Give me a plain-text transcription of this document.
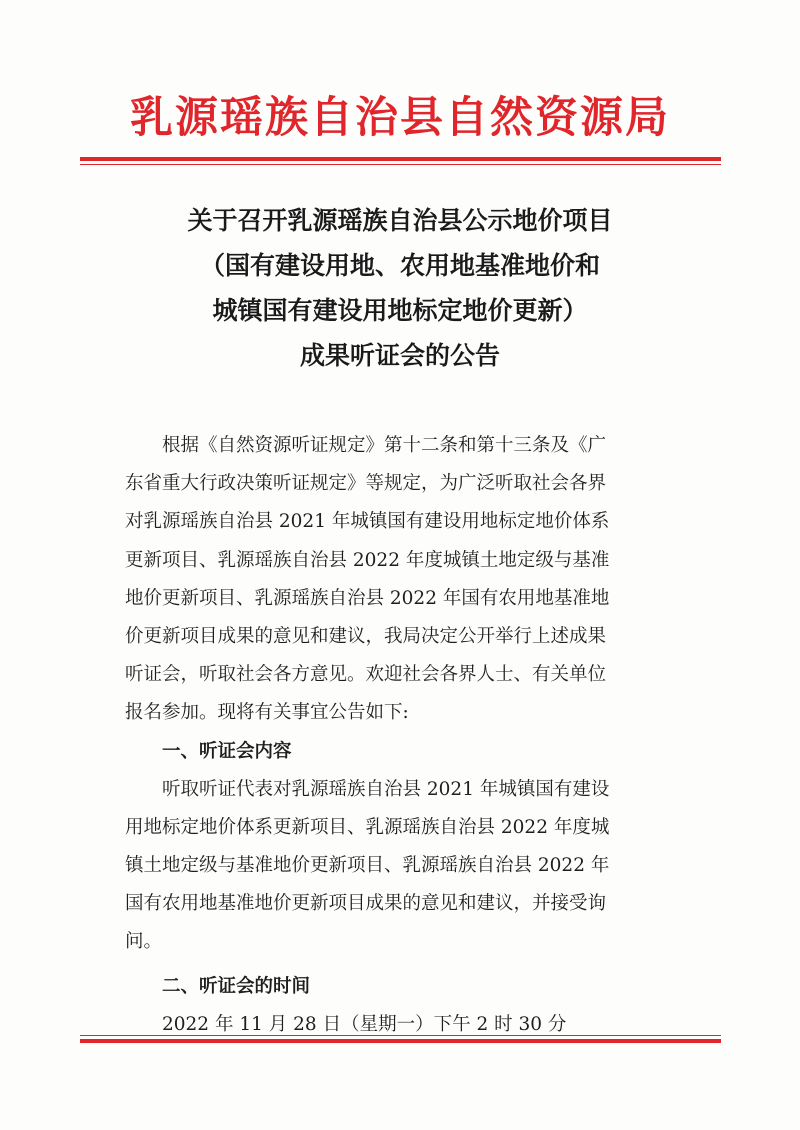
乳源瑶族自治县自然资源局
关于召开乳源瑶族自治县公示地价项目
（国有建设用地、农用地基准地价和
城镇国有建设用地标定地价更新）
成果听证会的公告
根据《自然资源听证规定》第十二条和第十三条及《广
东省重大行政决策听证规定》等规定，为广泛听取社会各界
对乳源瑶族自治县 2021 年城镇国有建设用地标定地价体系
更新项目、乳源瑶族自治县 2022 年度城镇土地定级与基准
地价更新项目、乳源瑶族自治县 2022 年国有农用地基准地
价更新项目成果的意见和建议，我局决定公开举行上述成果
听证会，听取社会各方意见。欢迎社会各界人士、有关单位
报名参加。现将有关事宜公告如下:
一、听证会内容
听取听证代表对乳源瑶族自治县 2021 年城镇国有建设
用地标定地价体系更新项目、乳源瑶族自治县 2022 年度城
镇土地定级与基准地价更新项目、乳源瑶族自治县 2022 年
国有农用地基准地价更新项目成果的意见和建议，并接受询
问。
二、听证会的时间
2022 年 11 月 28 日（星期一）下午 2 时 30 分
